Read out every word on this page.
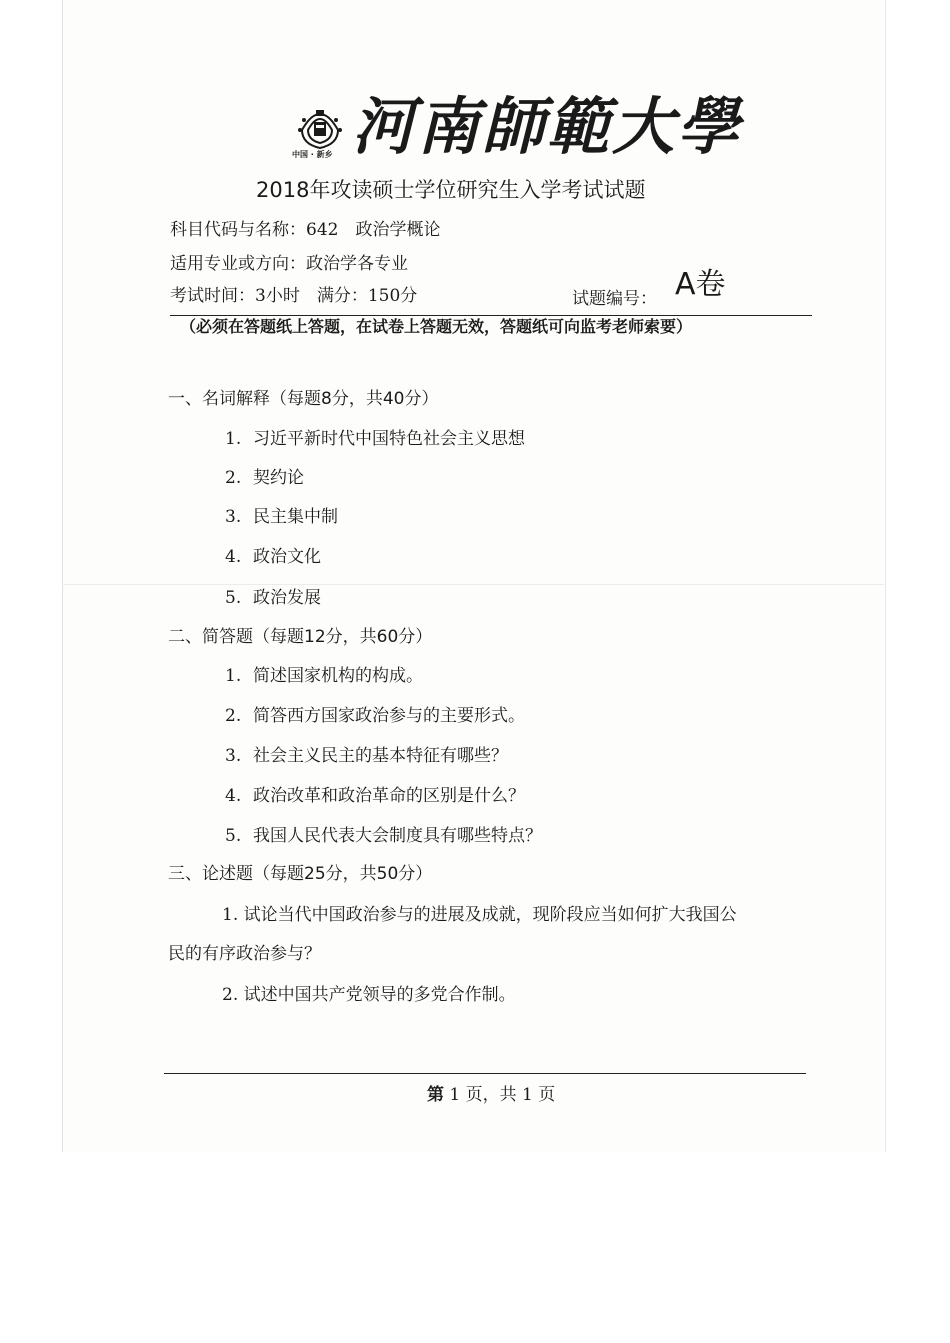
中国 · 新乡 河南師範大學
2018年攻读硕士学位研究生入学考试试题
科目代码与名称：642　政治学概论
适用专业或方向：政治学各专业
考试时间：3小时　满分：150分	试题编号： A卷
（必须在答题纸上答题，在试卷上答题无效，答题纸可向监考老师索要）
一、名词解释（每题8分，共40分）
1. 习近平新时代中国特色社会主义思想
2. 契约论
3. 民主集中制
4. 政治文化
5. 政治发展
二、简答题（每题12分，共60分）
1. 简述国家机构的构成。
2. 简答西方国家政治参与的主要形式。
3. 社会主义民主的基本特征有哪些？
4. 政治改革和政治革命的区别是什么？
5. 我国人民代表大会制度具有哪些特点？
三、论述题（每题25分，共50分）
1. 试论当代中国政治参与的进展及成就，现阶段应当如何扩大我国公
民的有序政治参与？
2. 试述中国共产党领导的多党合作制。
第 1 页，共 1 页
